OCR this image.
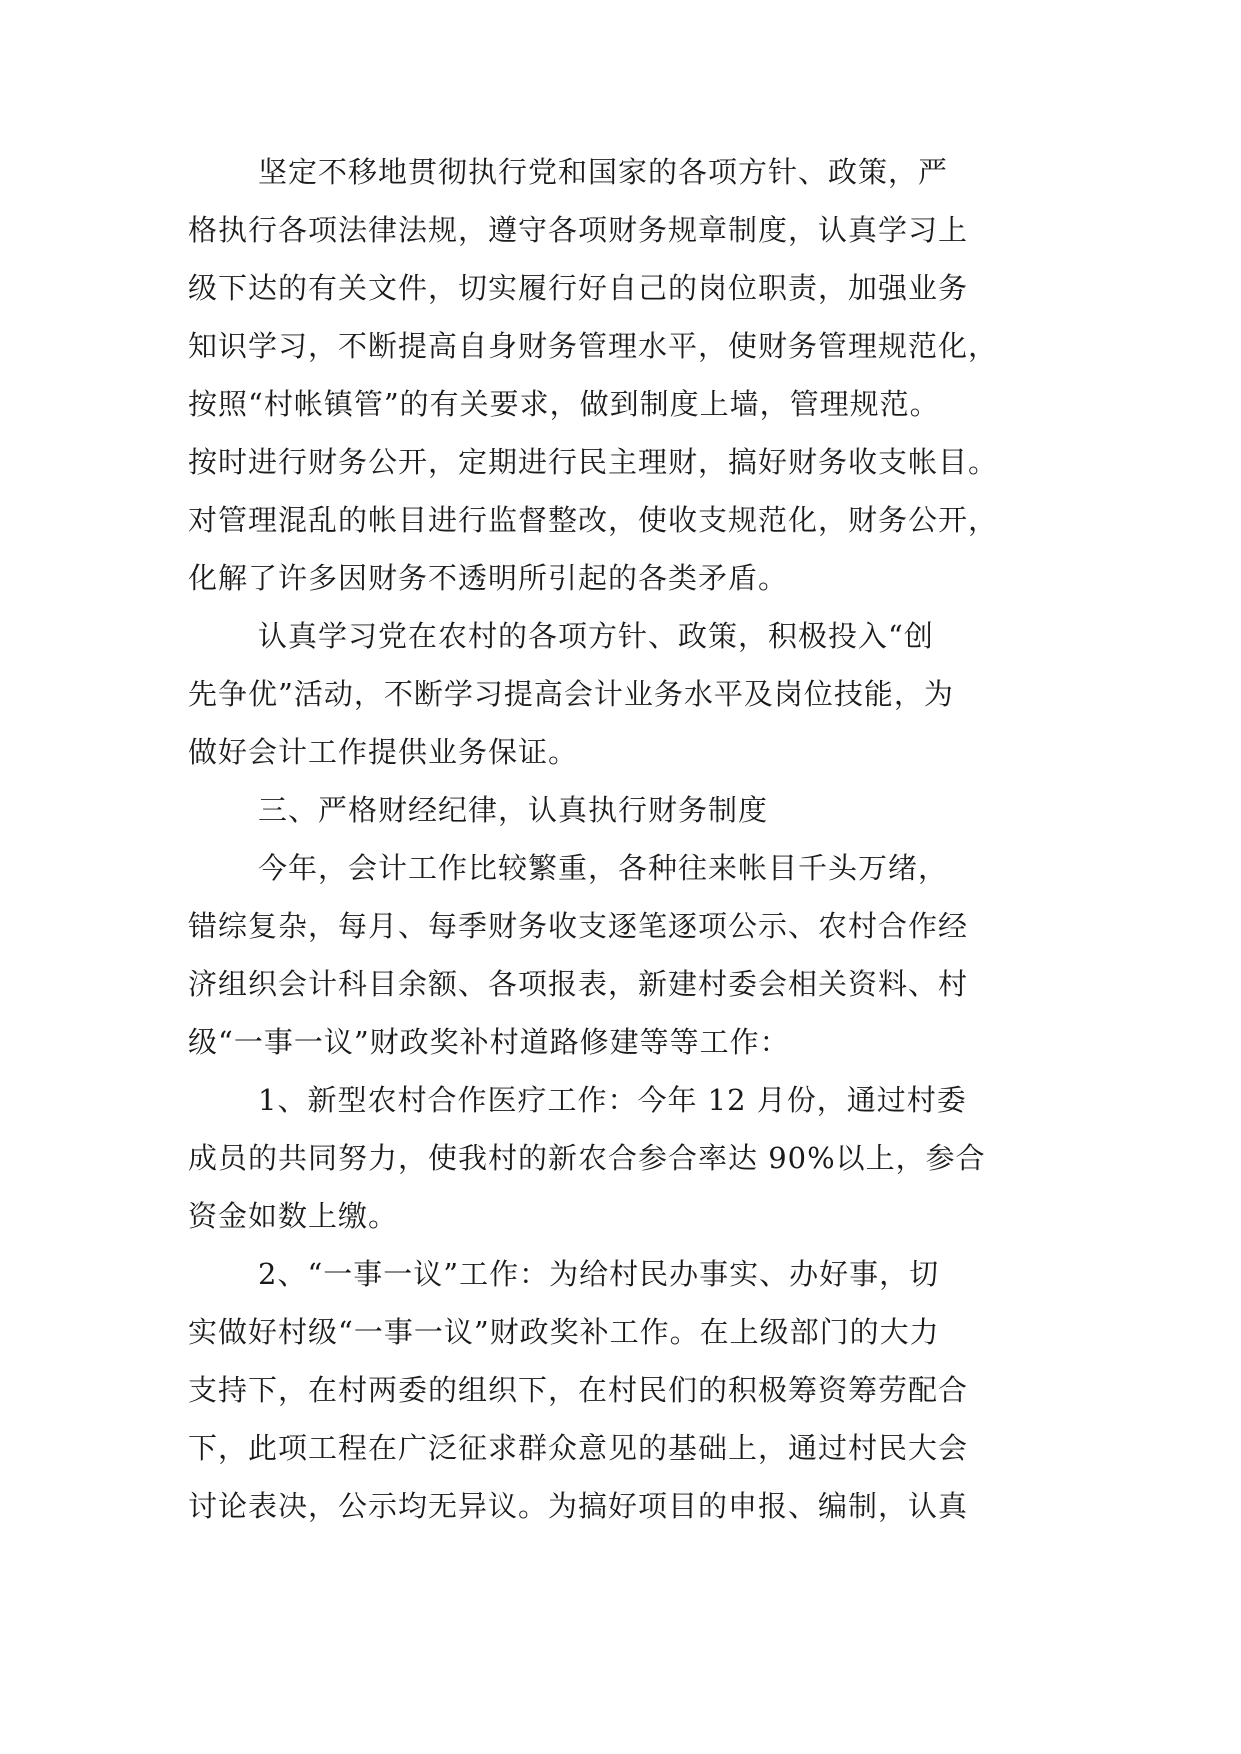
坚定不移地贯彻执行党和国家的各项方针、政策，严
格执行各项法律法规，遵守各项财务规章制度，认真学习上
级下达的有关文件，切实履行好自己的岗位职责，加强业务
知识学习，不断提高自身财务管理水平，使财务管理规范化，
按照“村帐镇管”的有关要求，做到制度上墙，管理规范。
按时进行财务公开，定期进行民主理财，搞好财务收支帐目。
对管理混乱的帐目进行监督整改，使收支规范化，财务公开，
化解了许多因财务不透明所引起的各类矛盾。
认真学习党在农村的各项方针、政策，积极投入“创
先争优”活动，不断学习提高会计业务水平及岗位技能，为
做好会计工作提供业务保证。
三、严格财经纪律，认真执行财务制度
今年，会计工作比较繁重，各种往来帐目千头万绪，
错综复杂，每月、每季财务收支逐笔逐项公示、农村合作经
济组织会计科目余额、各项报表，新建村委会相关资料、村
级“一事一议”财政奖补村道路修建等等工作：
1、新型农村合作医疗工作：今年 12 月份，通过村委
成员的共同努力，使我村的新农合参合率达 90%以上，参合
资金如数上缴。
2、“一事一议”工作：为给村民办事实、办好事，切
实做好村级“一事一议”财政奖补工作。在上级部门的大力
支持下，在村两委的组织下，在村民们的积极筹资筹劳配合
下，此项工程在广泛征求群众意见的基础上，通过村民大会
讨论表决，公示均无异议。为搞好项目的申报、编制，认真
